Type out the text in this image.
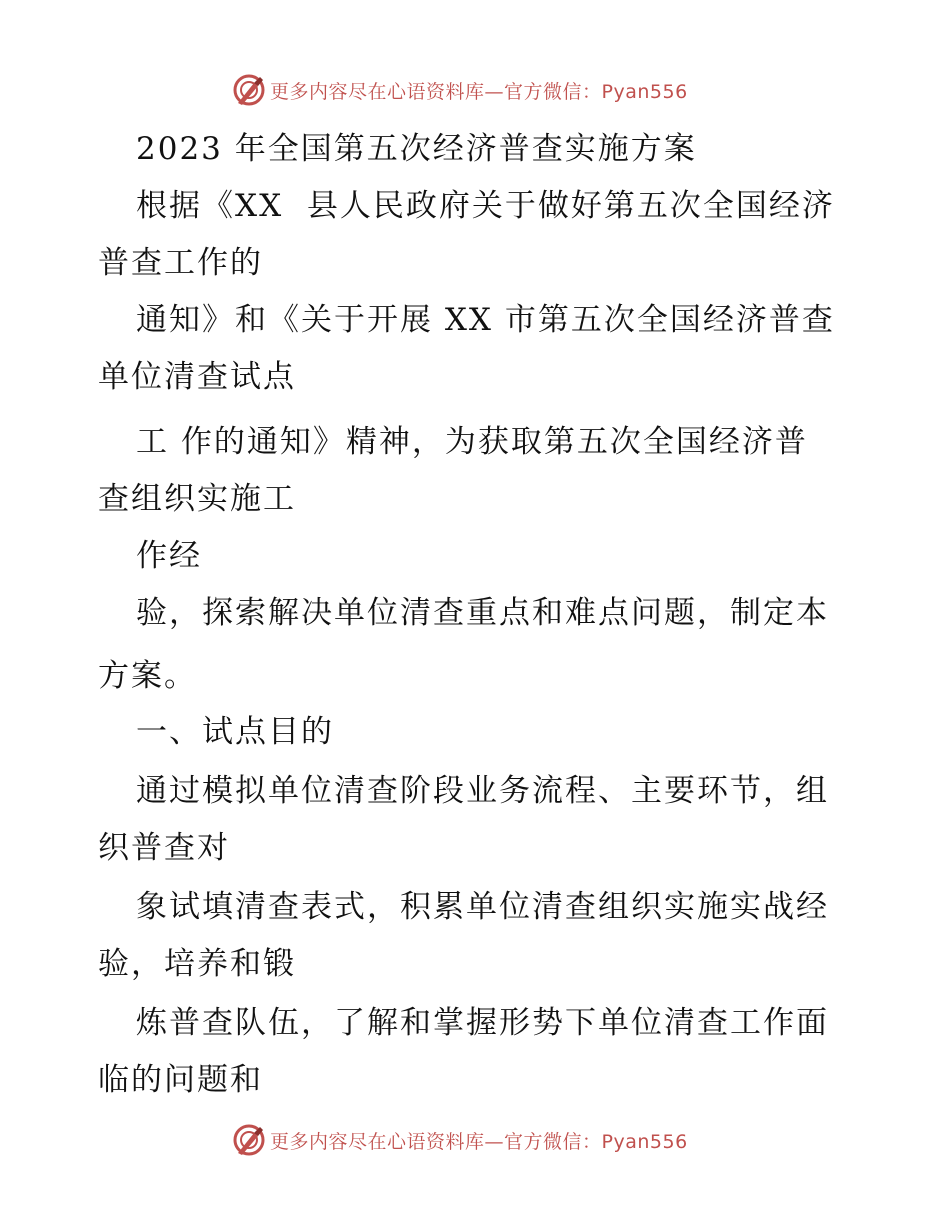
更多内容尽在心语资料库—官方微信：Pyan556
2023 年全国第五次经济普查实施方案
根据《XX  县人民政府关于做好第五次全国经济
普查工作的
通知》和《关于开展 XX 市第五次全国经济普查
单位清查试点
工 作的通知》精神，为获取第五次全国经济普
查组织实施工
作经
验，探索解决单位清查重点和难点问题，制定本
方案。
一、试点目的
通过模拟单位清查阶段业务流程、主要环节，组
织普查对
象试填清查表式，积累单位清查组织实施实战经
验，培养和锻
炼普查队伍，了解和掌握形势下单位清查工作面
临的问题和
更多内容尽在心语资料库—官方微信：Pyan556
